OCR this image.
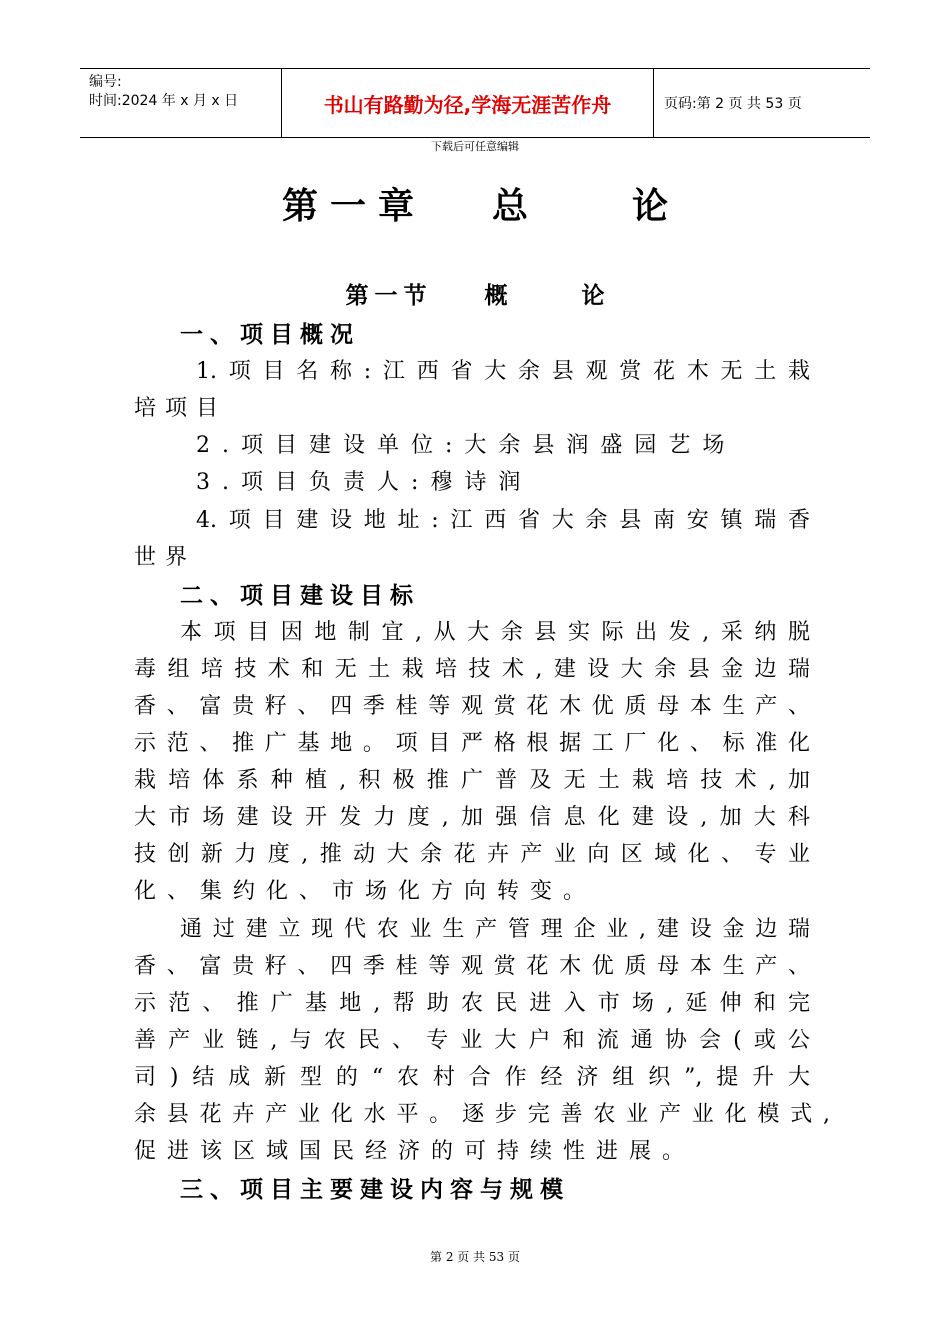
编号:
时间:2024 年 x 月 x 日	书山有路勤为径,学海无涯苦作舟	页码:第 2 页 共 53 页
下载后可任意编辑
第一章 总	论
第一节 概	论
一、项目概况
1.项目名称:江西省大余县观赏花木无土栽
培项目
2.项目建设单位:大余县润盛园艺场
3.项目负责人:穆诗润
4.项目建设地址:江西省大余县南安镇瑞香
世界
二、项目建设目标
本项目因地制宜,从大余县实际出发,采纳脱
毒组培技术和无土栽培技术,建设大余县金边瑞
香、富贵籽、四季桂等观赏花木优质母本生产、
示范、推广基地。项目严格根据工厂化、标准化
栽培体系种植,积极推广普及无土栽培技术,加
大市场建设开发力度,加强信息化建设,加大科
技创新力度,推动大余花卉产业向区域化、专业
化、集约化、市场化方向转变。
通过建立现代农业生产管理企业,建设金边瑞
香、富贵籽、四季桂等观赏花木优质母本生产、
示范、推广基地,帮助农民进入市场,延伸和完
善产业链,与农民、专业大户和流通协会(或公
司)结成新型的“农村合作经济组织”,提升大
余县花卉产业化水平。逐步完善农业产业化模式,
促进该区域国民经济的可持续性进展。
三、项目主要建设内容与规模
第 2 页 共 53 页
